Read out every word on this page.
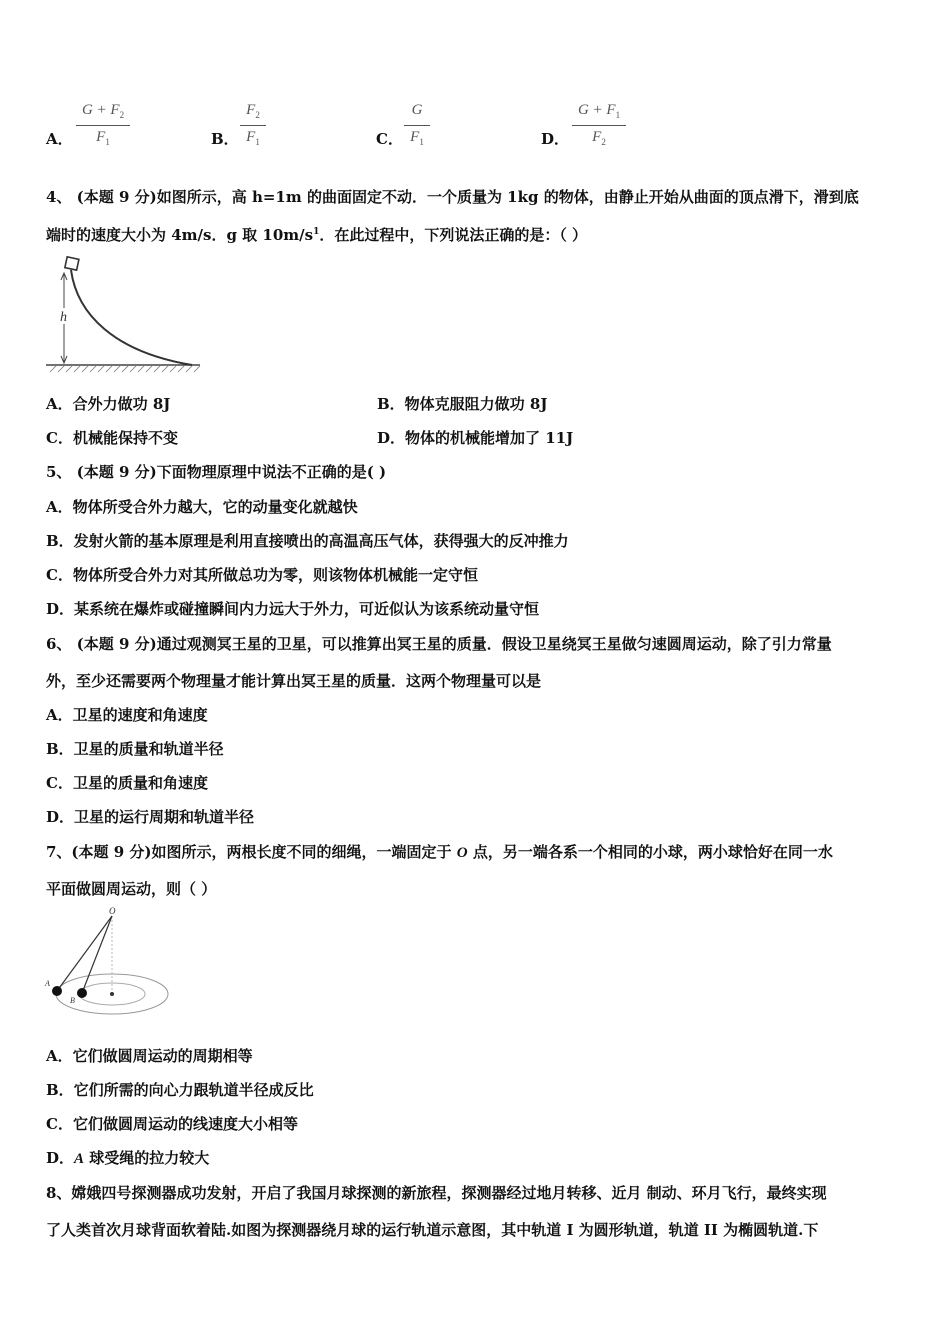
A． $\frac{G + F_2}{F_1}$	B． $\frac{F_2}{F_1}$	C． $\frac{G}{F_1}$	D． $\frac{G + F_1}{F_2}$
4、 (本题 9 分)如图所示，高 h=1m 的曲面固定不动．一个质量为 1kg 的物体，由静止开始从曲面的顶点滑下，滑到底
端时的速度大小为 4m/s．g 取 $10m/s^1$．在此过程中，下列说法正确的是：（ ）
h
A．合外力做功 8J	B．物体克服阻力做功 8J
C．机械能保持不变	D．物体的机械能增加了 11J
5、 (本题 9 分)下面物理原理中说法不正确的是( )
A．物体所受合外力越大，它的动量变化就越快
B．发射火箭的基本原理是利用直接喷出的高温高压气体，获得强大的反冲推力
C．物体所受合外力对其所做总功为零，则该物体机械能一定守恒
D．某系统在爆炸或碰撞瞬间内力远大于外力，可近似认为该系统动量守恒
6、 (本题 9 分)通过观测冥王星的卫星，可以推算出冥王星的质量．假设卫星绕冥王星做匀速圆周运动，除了引力常量
外，至少还需要两个物理量才能计算出冥王星的质量．这两个物理量可以是
A．卫星的速度和角速度
B．卫星的质量和轨道半径
C．卫星的质量和角速度
D．卫星的运行周期和轨道半径
7、(本题 9 分)如图所示，两根长度不同的细绳，一端固定于 O 点，另一端各系一个相同的小球，两小球恰好在同一水
平面做圆周运动，则（ ）
O
A
B
A．它们做圆周运动的周期相等
B．它们所需的向心力跟轨道半径成反比
C．它们做圆周运动的线速度大小相等
D．A 球受绳的拉力较大
8、嫦娥四号探测器成功发射，开启了我国月球探测的新旅程，探测器经过地月转移、近月 制动、环月飞行，最终实现
了人类首次月球背面软着陆.如图为探测器绕月球的运行轨道示意图，其中轨道 I 为圆形轨道，轨道 II 为椭圆轨道.下
